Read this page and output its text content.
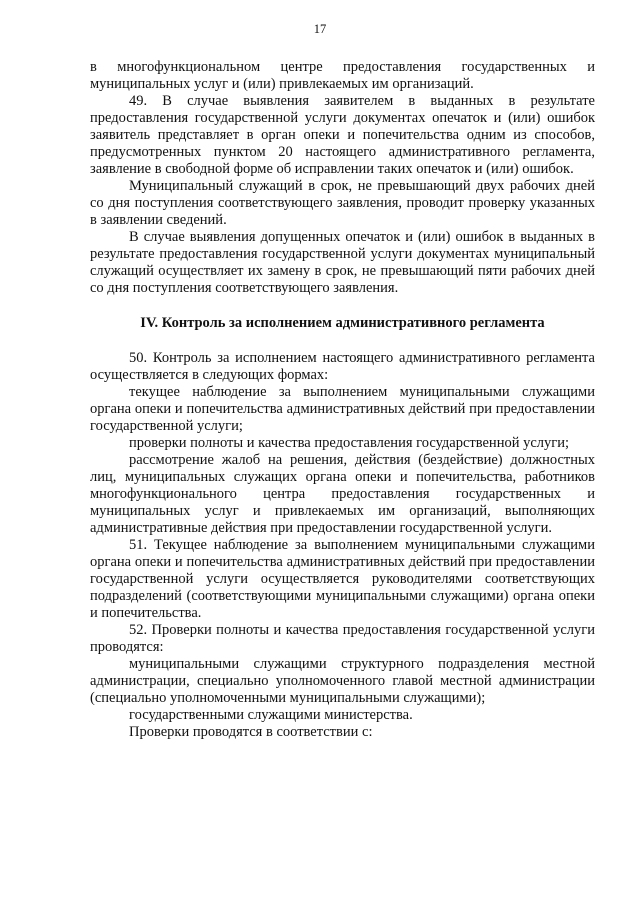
17

в многофункциональном центре предоставления государственных и муниципальных услуг и (или) привлекаемых им организаций.

49. В случае выявления заявителем в выданных в результате предоставления государственной услуги документах опечаток и (или) ошибок заявитель представляет в орган опеки и попечительства одним из способов, предусмотренных пунктом 20 настоящего административного регламента, заявление в свободной форме об исправлении таких опечаток и (или) ошибок.

Муниципальный служащий в срок, не превышающий двух рабочих дней со дня поступления соответствующего заявления, проводит проверку указанных в заявлении сведений.

В случае выявления допущенных опечаток и (или) ошибок в выданных в результате предоставления государственной услуги документах муниципальный служащий осуществляет их замену в срок, не превышающий пяти рабочих дней со дня поступления соответствующего заявления.

IV. Контроль за исполнением административного регламента

50. Контроль за исполнением настоящего административного регламента осуществляется в следующих формах:

текущее наблюдение за выполнением муниципальными служащими органа опеки и попечительства административных действий при предоставлении государственной услуги;

проверки полноты и качества предоставления государственной услуги;

рассмотрение жалоб на решения, действия (бездействие) должностных лиц, муниципальных служащих органа опеки и попечительства, работников многофункционального центра предоставления государственных и муниципальных услуг и привлекаемых им организаций, выполняющих административные действия при предоставлении государственной услуги.

51. Текущее наблюдение за выполнением муниципальными служащими органа опеки и попечительства административных действий при предоставлении государственной услуги осуществляется руководителями соответствующих подразделений (соответствующими муниципальными служащими) органа опеки и попечительства.

52. Проверки полноты и качества предоставления государственной услуги проводятся:

муниципальными служащими структурного подразделения местной администрации, специально уполномоченного главой местной администрации (специально уполномоченными муниципальными служащими);

государственными служащими министерства.

Проверки проводятся в соответствии с:
